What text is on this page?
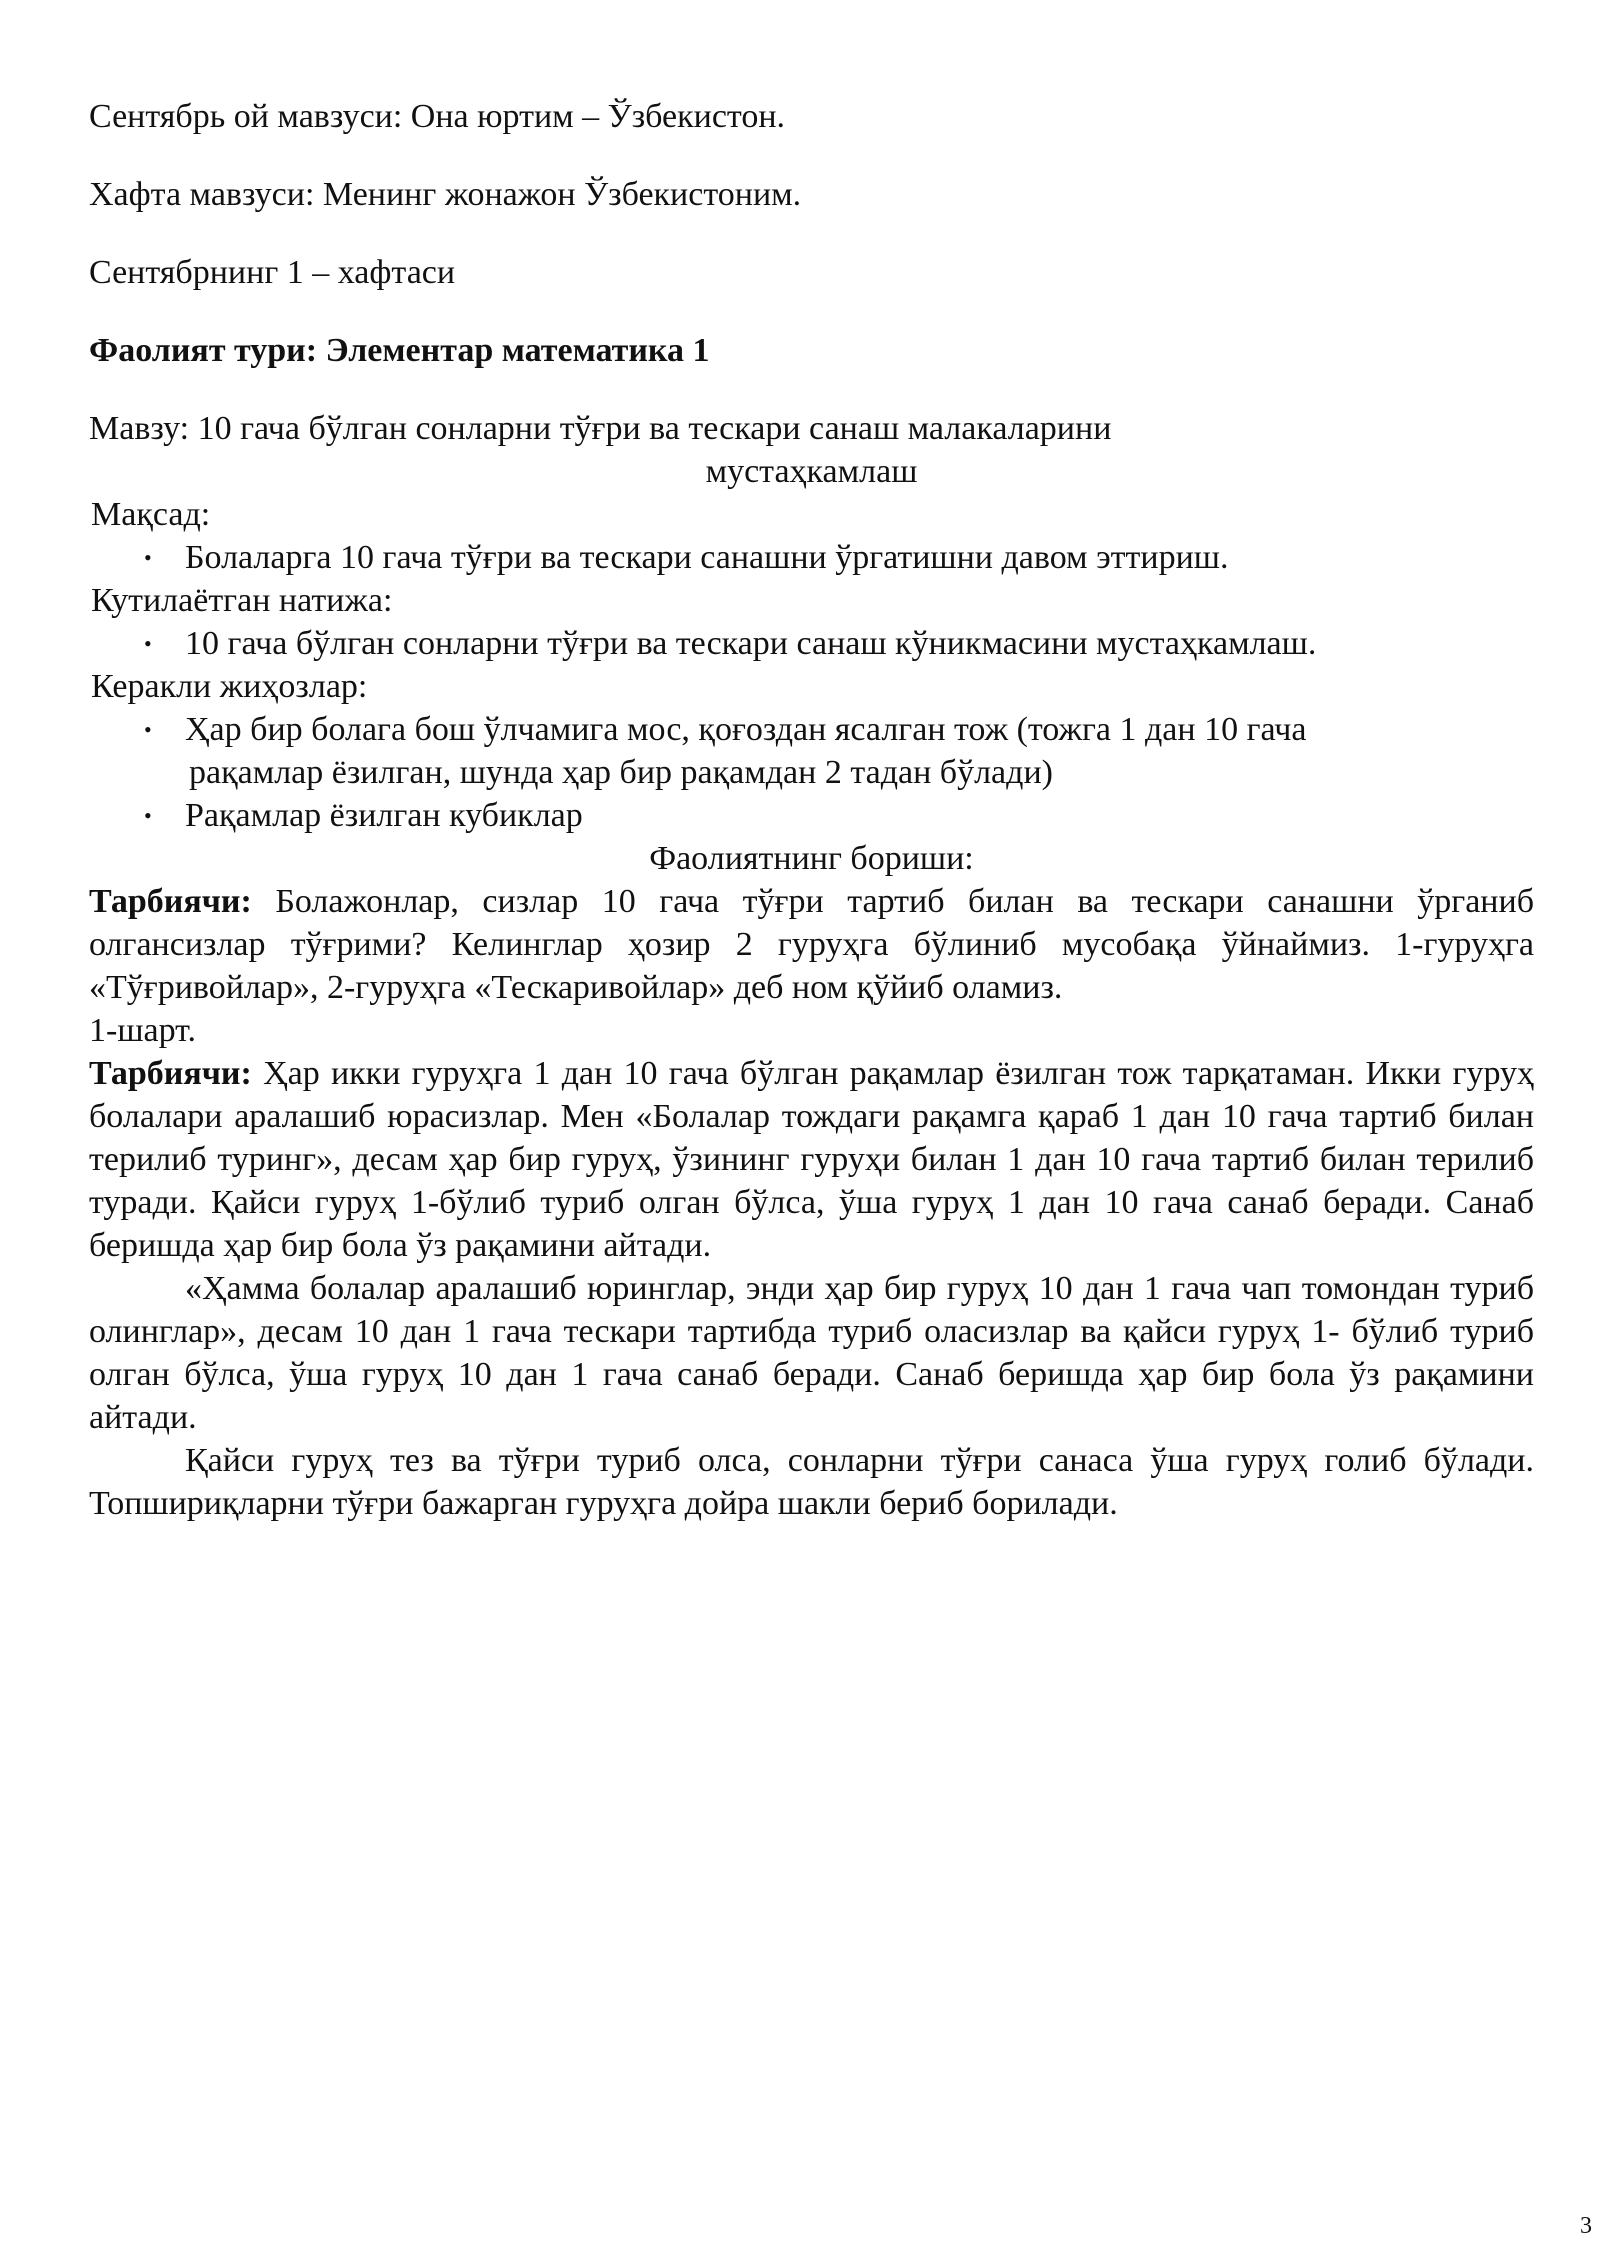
Сентябрь ой мавзуси: Она юртим – Ўзбекистон.

Хафта мавзуси: Менинг жонажон Ўзбекистоним.

Сентябрнинг 1 – хафтаси

Фаолият тури: Элементар математика 1

Мавзу: 10 гача бўлган сонларни тўғри ва тескари санаш малакаларини
мустаҳкамлаш

Мақсад:

• Болаларга 10 гача тўғри ва тескари санашни ўргатишни давом эттириш.

Кутилаётган натижа:

• 10 гача бўлган сонларни тўғри ва тескари санаш кўникмасини мустаҳкамлаш.

Керакли жиҳозлар:

• Ҳар бир болага бош ўлчамига мос, қоғоздан ясалган тож (тожга 1 дан 10 гача
рақамлар ёзилган, шунда ҳар бир рақамдан 2 тадан бўлади)
• Рақамлар ёзилган кубиклар

Фаолиятнинг бориши:

Тарбиячи: Болажонлар, сизлар 10 гача тўғри тартиб билан ва тескари санашни ўрганиб олгансизлар тўғрими? Келинглар ҳозир 2 гуруҳга бўлиниб мусобақа ўйнаймиз. 1-гуруҳга «Тўғривойлар», 2-гуруҳга «Тескаривойлар» деб ном қўйиб оламиз.

1-шарт.

Тарбиячи: Ҳар икки гуруҳга 1 дан 10 гача бўлган рақамлар ёзилган тож тарқатаман. Икки гуруҳ болалари аралашиб юрасизлар. Мен «Болалар тождаги рақамга қараб 1 дан 10 гача тартиб билан терилиб туринг», десам ҳар бир гуруҳ, ўзининг гуруҳи билан 1 дан 10 гача тартиб билан терилиб туради. Қайси гуруҳ 1-бўлиб туриб олган бўлса, ўша гуруҳ 1 дан 10 гача санаб беради. Санаб беришда ҳар бир бола ўз рақамини айтади.

«Ҳамма болалар аралашиб юринглар, энди ҳар бир гуруҳ 10 дан 1 гача чап томондан туриб олинглар», десам 10 дан 1 гача тескари тартибда туриб оласизлар ва қайси гуруҳ 1- бўлиб туриб олган бўлса, ўша гуруҳ 10 дан 1 гача санаб беради. Санаб беришда ҳар бир бола ўз рақамини айтади.

Қайси гуруҳ тез ва тўғри туриб олса, сонларни тўғри санаса ўша гуруҳ голиб бўлади. Топшириқларни тўғри бажарган гуруҳга дойра шакли бериб борилади.

3
